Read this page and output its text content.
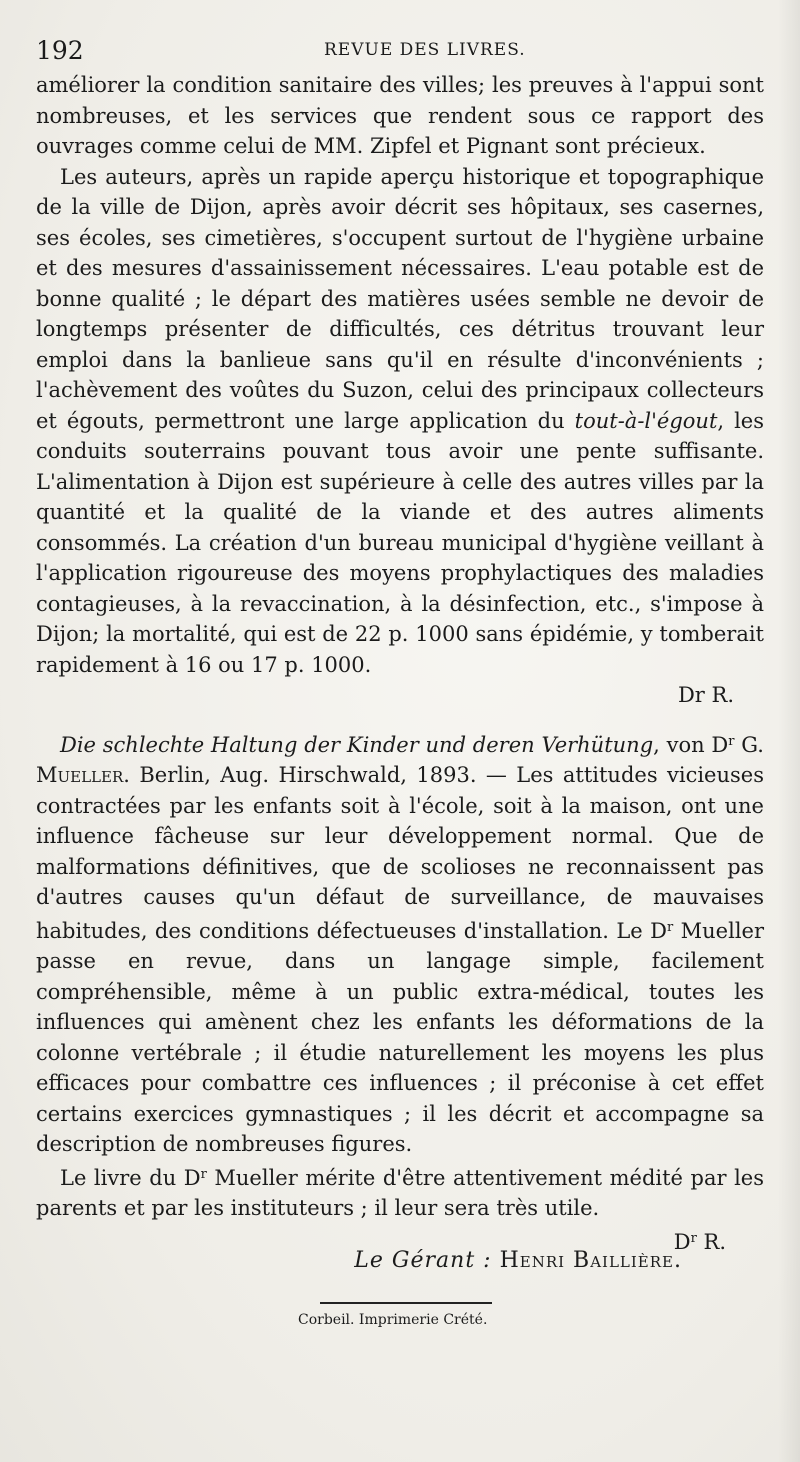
192	REVUE DES LIVRES.

améliorer la condition sanitaire des villes; les preuves à l'appui sont nombreuses, et les services que rendent sous ce rapport des ouvrages comme celui de MM. Zipfel et Pignant sont précieux.

Les auteurs, après un rapide aperçu historique et topographique de la ville de Dijon, après avoir décrit ses hôpitaux, ses casernes, ses écoles, ses cimetières, s'occupent surtout de l'hygiène urbaine et des mesures d'assainissement nécessaires. L'eau potable est de bonne qualité ; le départ des matières usées semble ne devoir de longtemps présenter de difficultés, ces détritus trouvant leur emploi dans la banlieue sans qu'il en résulte d'inconvénients ; l'achèvement des voûtes du Suzon, celui des principaux collecteurs et égouts, permettront une large application du tout-à-l'égout, les conduits souterrains pouvant tous avoir une pente suffisante. L'alimentation à Dijon est supérieure à celle des autres villes par la quantité et la qualité de la viande et des autres aliments consommés. La création d'un bureau municipal d'hygiène veillant à l'application rigoureuse des moyens prophylactiques des maladies contagieuses, à la revaccination, à la désinfection, etc., s'impose à Dijon; la mortalité, qui est de 22 p. 1000 sans épidémie, y tomberait rapidement à 16 ou 17 p. 1000.

Dr R.

Die schlechte Haltung der Kinder und deren Verhütung, von $D^r$ G. Mueller. Berlin, Aug. Hirschwald, 1893. — Les attitudes vicieuses contractées par les enfants soit à l'école, soit à la maison, ont une influence fâcheuse sur leur développement normal. Que de malformations définitives, que de scolioses ne reconnaissent pas d'autres causes qu'un défaut de surveillance, de mauvaises habitudes, des conditions défectueuses d'installation. Le $D^r$ Mueller passe en revue, dans un langage simple, facilement compréhensible, même à un public extra-médical, toutes les influences qui amènent chez les enfants les déformations de la colonne vertébrale ; il étudie naturellement les moyens les plus efficaces pour combattre ces influences ; il préconise à cet effet certains exercices gymnastiques ; il les décrit et accompagne sa description de nombreuses figures.

Le livre du $D^r$ Mueller mérite d'être attentivement médité par les parents et par les instituteurs ; il leur sera très utile.

$D^r$ R.

Le Gérant : Henri Baillière.
Corbeil. Imprimerie Crété.
